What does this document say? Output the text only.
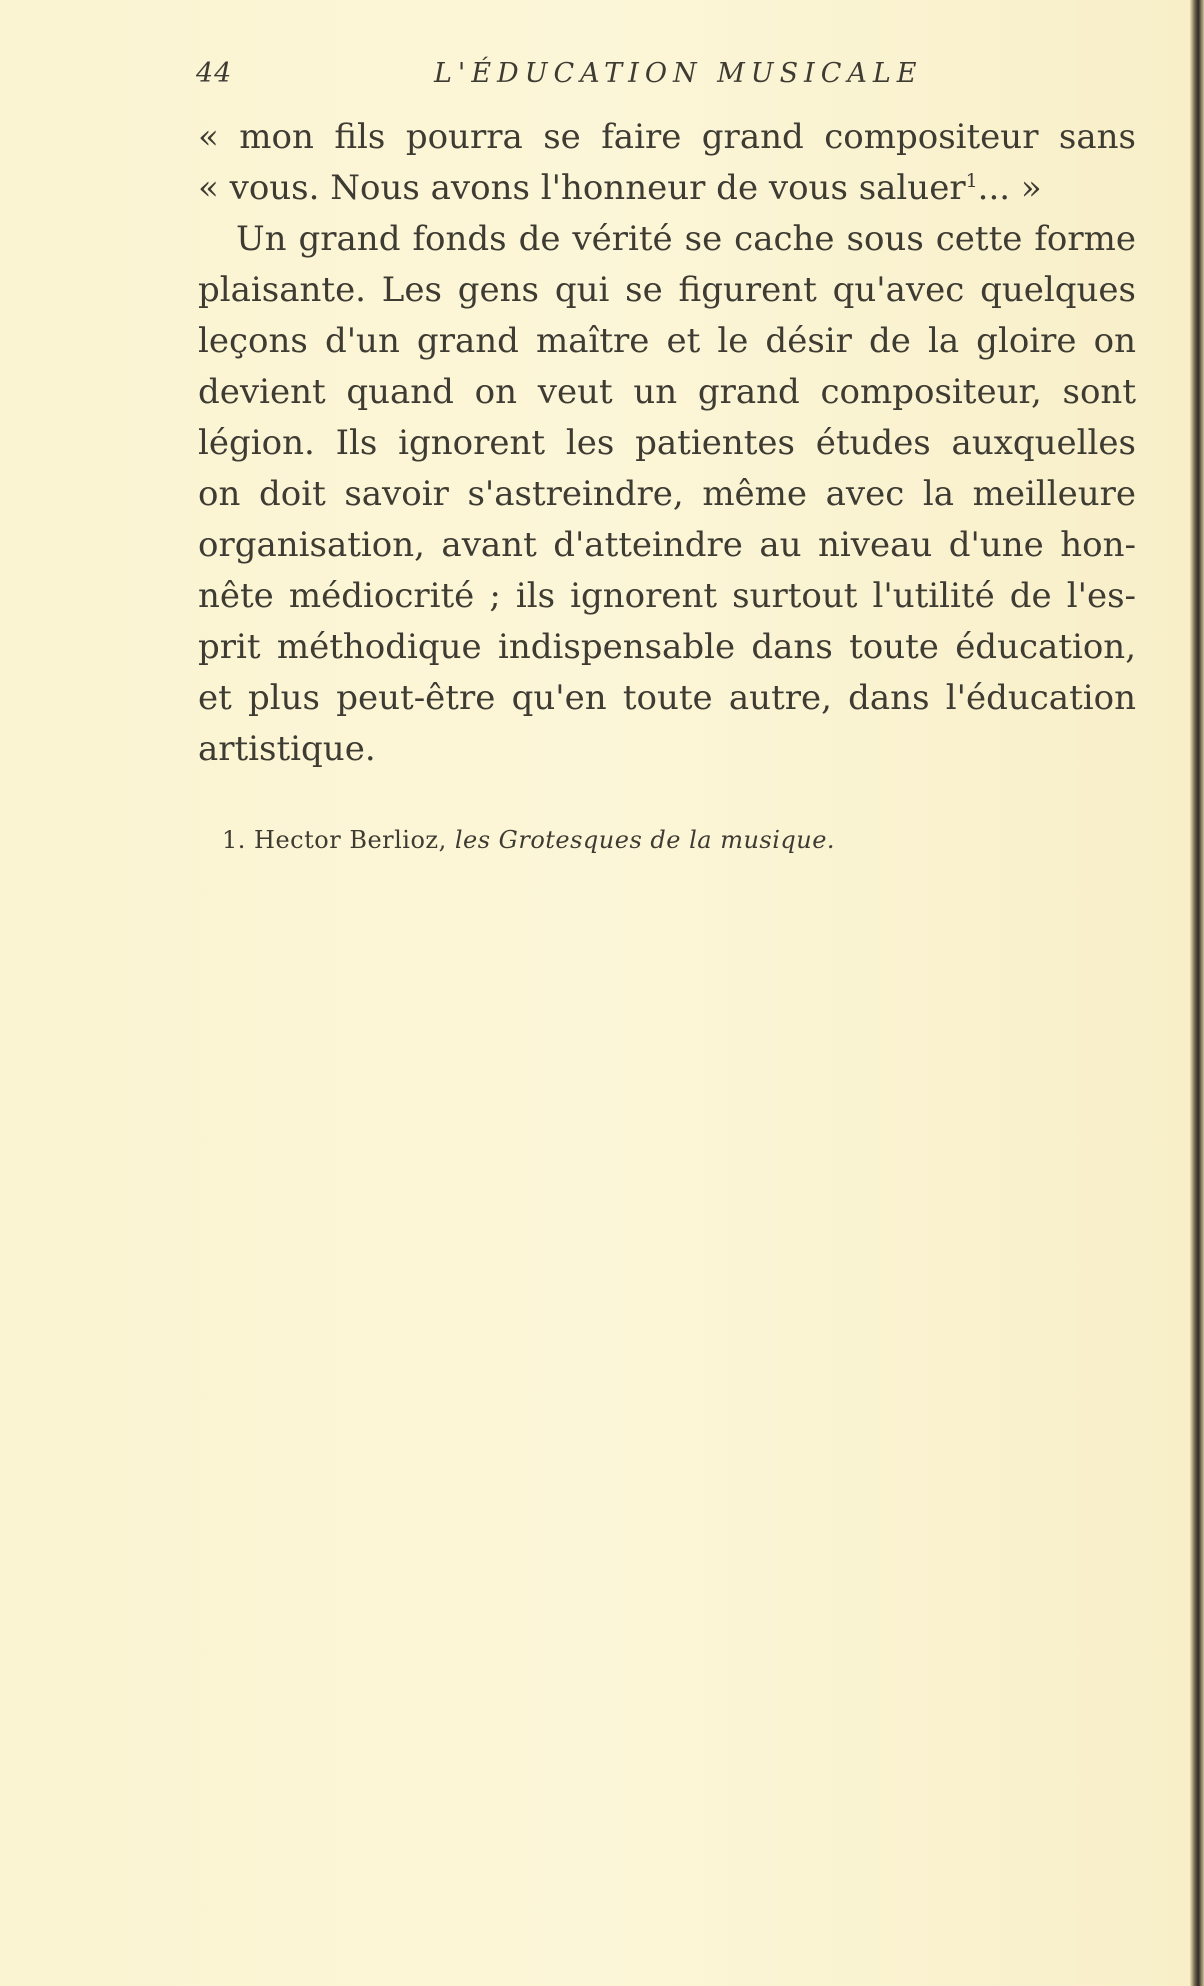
44	L'ÉDUCATION MUSICALE
« mon fils pourra se faire grand compositeur sans
« vous. Nous avons l'honneur de vous saluer$^1$... »
Un grand fonds de vérité se cache sous cette forme
plaisante. Les gens qui se figurent qu'avec quelques
leçons d'un grand maître et le désir de la gloire on
devient quand on veut un grand compositeur, sont
légion. Ils ignorent les patientes études auxquelles
on doit savoir s'astreindre, même avec la meilleure
organisation, avant d'atteindre au niveau d'une hon-
nête médiocrité ; ils ignorent surtout l'utilité de l'es-
prit méthodique indispensable dans toute éducation,
et plus peut-être qu'en toute autre, dans l'éducation
artistique.
1. Hector Berlioz, les Grotesques de la musique.
